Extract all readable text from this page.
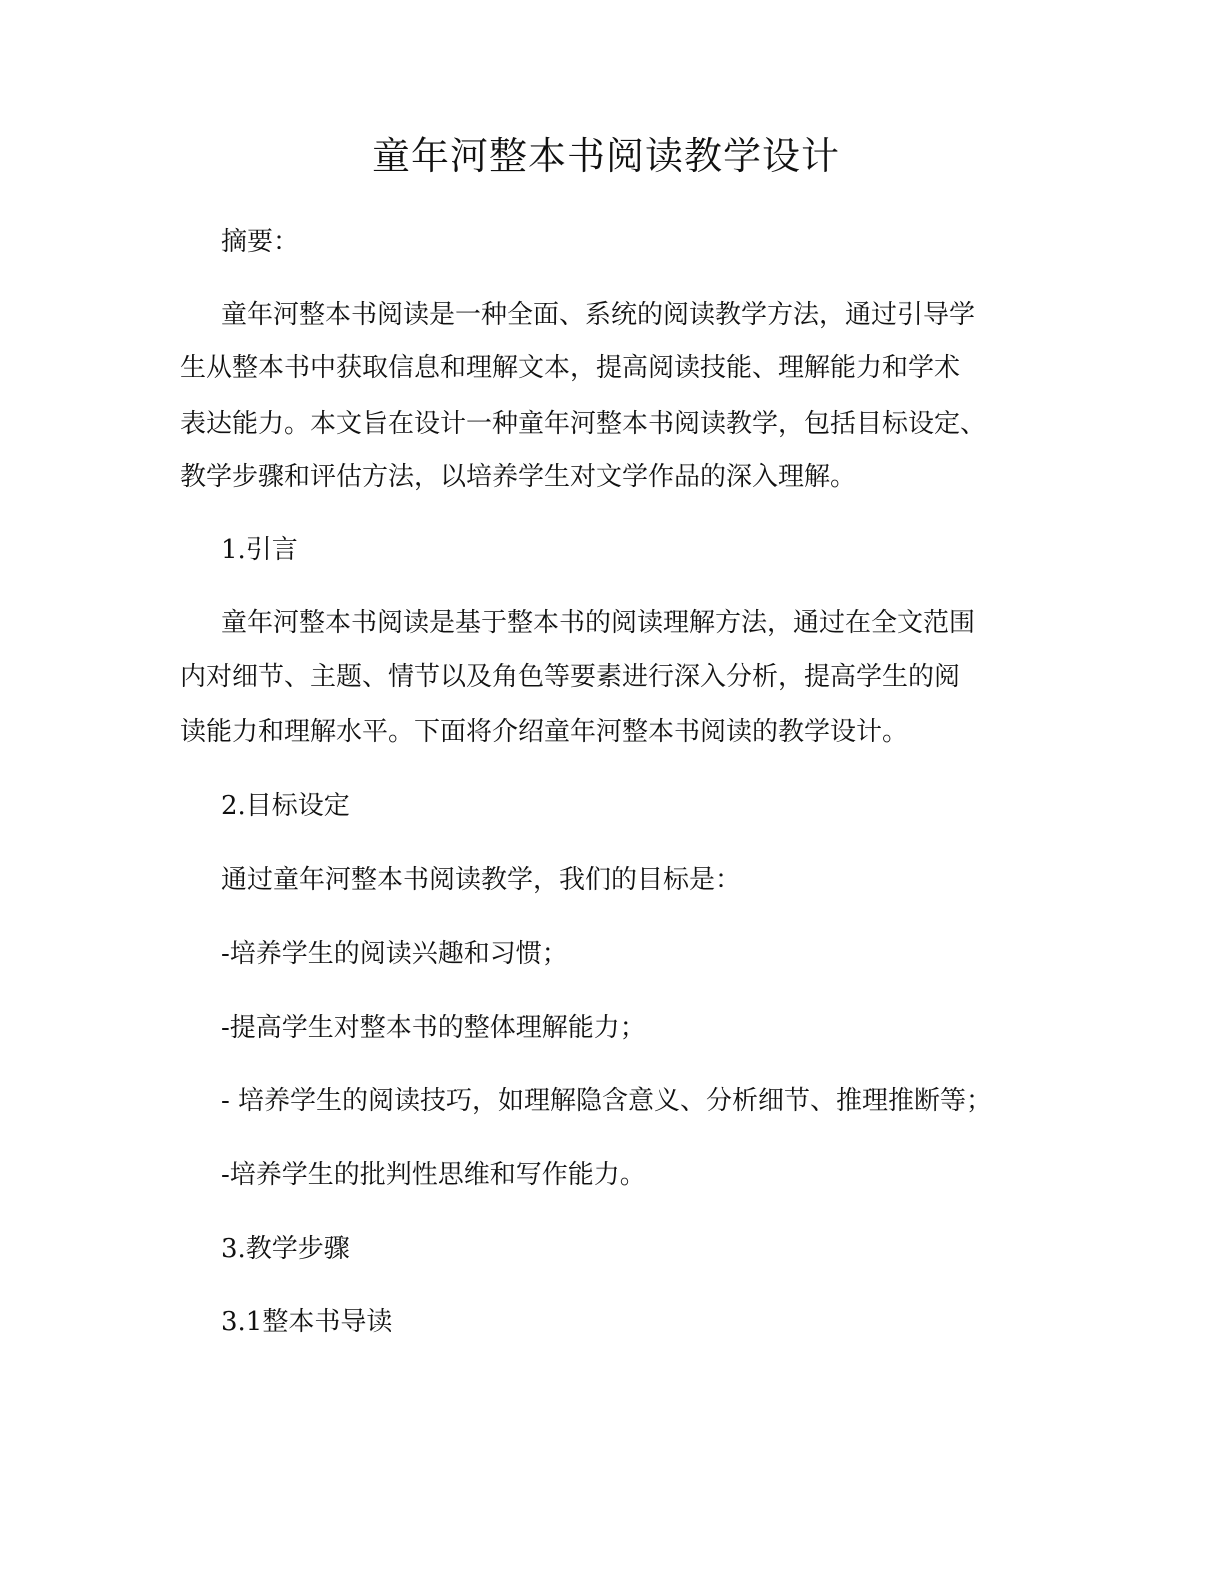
童年河整本书阅读教学设计

摘要：

童年河整本书阅读是一种全面、系统的阅读教学方法，通过引导学

生从整本书中获取信息和理解文本，提高阅读技能、理解能力和学术

表达能力。本文旨在设计一种童年河整本书阅读教学，包括目标设定、

教学步骤和评估方法，以培养学生对文学作品的深入理解。

1.引言

童年河整本书阅读是基于整本书的阅读理解方法，通过在全文范围

内对细节、主题、情节以及角色等要素进行深入分析，提高学生的阅

读能力和理解水平。下面将介绍童年河整本书阅读的教学设计。

2.目标设定

通过童年河整本书阅读教学，我们的目标是：

-培养学生的阅读兴趣和习惯；

-提高学生对整本书的整体理解能力；

- 培养学生的阅读技巧，如理解隐含意义、分析细节、推理推断等；

-培养学生的批判性思维和写作能力。

3.教学步骤

3.1整本书导读
